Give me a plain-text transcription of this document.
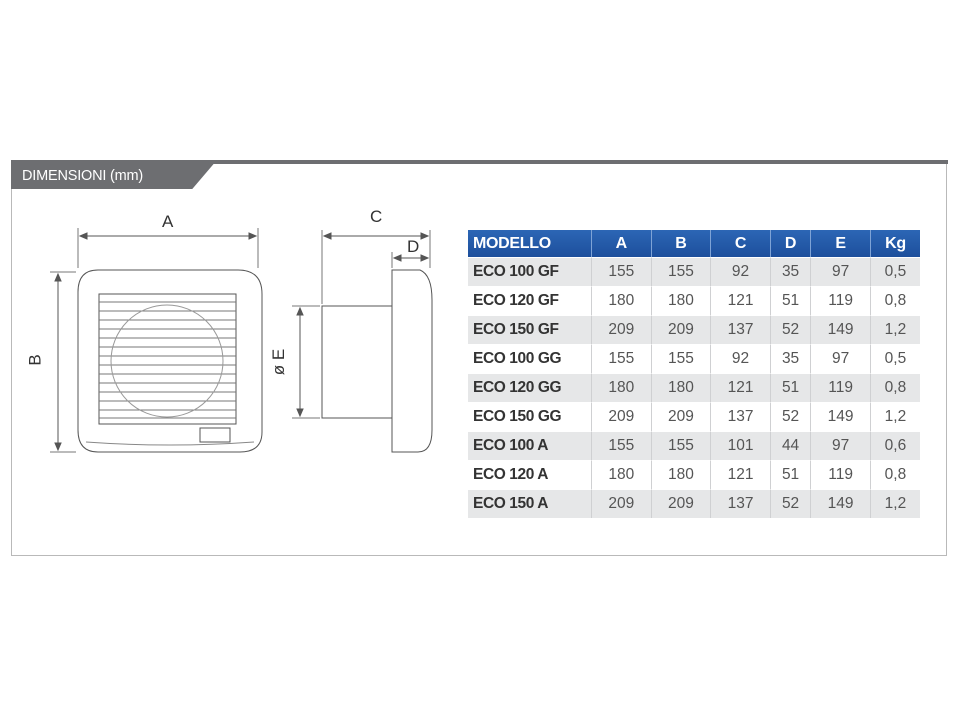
DIMENSIONI (mm)
A
B
C
D
ø E
MODELLO	A	B	C	D	E	Kg
ECO 100 GF	155	155	92	35	97	0,5
ECO 120 GF	180	180	121	51	119	0,8
ECO 150 GF	209	209	137	52	149	1,2
ECO 100 GG	155	155	92	35	97	0,5
ECO 120 GG	180	180	121	51	119	0,8
ECO 150 GG	209	209	137	52	149	1,2
ECO 100 A	155	155	101	44	97	0,6
ECO 120 A	180	180	121	51	119	0,8
ECO 150 A	209	209	137	52	149	1,2
